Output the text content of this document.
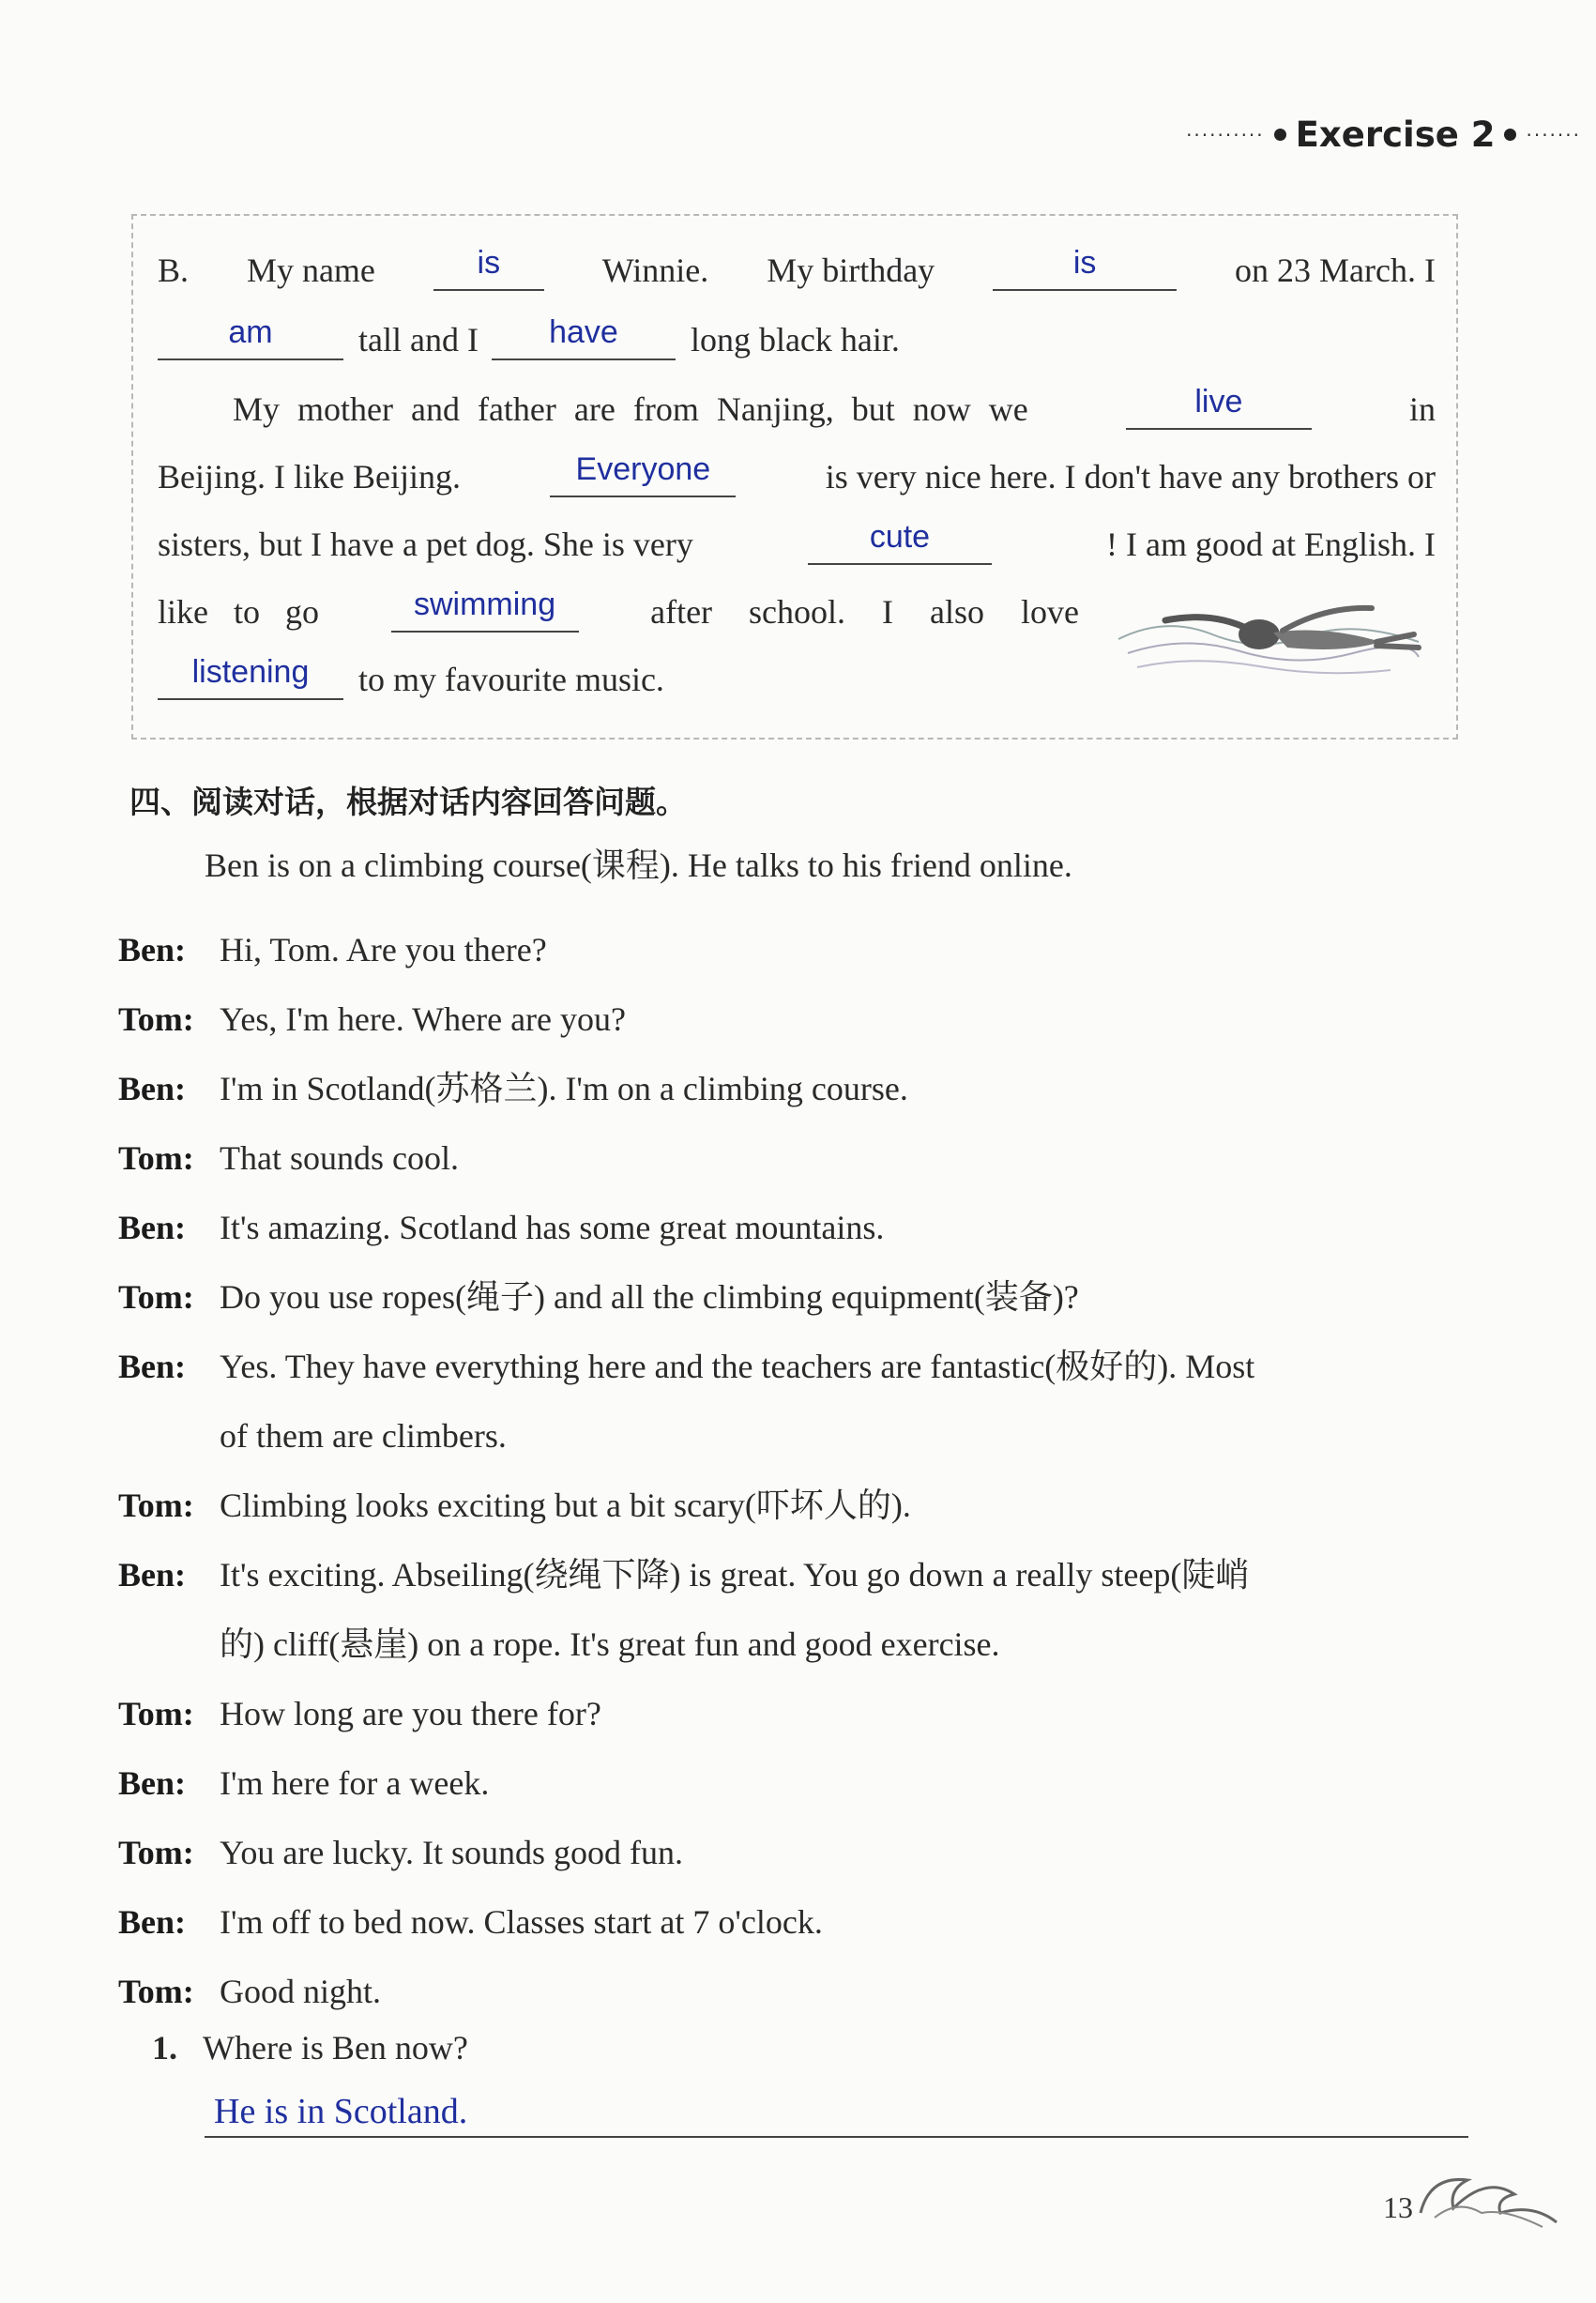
·········· Exercise 2 ·······
B. My name	is	Winnie. My birthday	is	on 23 March. I
am	tall and I	have	long black hair.
My mother and father are from Nanjing, but now we	live	in
Beijing. I like Beijing.	Everyone	is very nice here. I don't have any brothers or
sisters, but I have a pet dog. She is very	cute	! I am good at English. I
like to go	swimming	after school. I also love
listening	to my favourite music.
四、阅读对话，根据对话内容回答问题。
Ben is on a climbing course(课程). He talks to his friend online.
Ben: Hi, Tom. Are you there?
Tom: Yes, I'm here. Where are you?
Ben: I'm in Scotland(苏格兰). I'm on a climbing course.
Tom: That sounds cool.
Ben: It's amazing. Scotland has some great mountains.
Tom: Do you use ropes(绳子) and all the climbing equipment(装备)?
Ben: Yes. They have everything here and the teachers are fantastic(极好的). Most
of them are climbers.
Tom: Climbing looks exciting but a bit scary(吓坏人的).
Ben: It's exciting. Abseiling(绕绳下降) is great. You go down a really steep(陡峭
的) cliff(悬崖) on a rope. It's great fun and good exercise.
Tom: How long are you there for?
Ben: I'm here for a week.
Tom: You are lucky. It sounds good fun.
Ben: I'm off to bed now. Classes start at 7 o'clock.
Tom: Good night.
1. Where is Ben now?
He is in Scotland.
13
